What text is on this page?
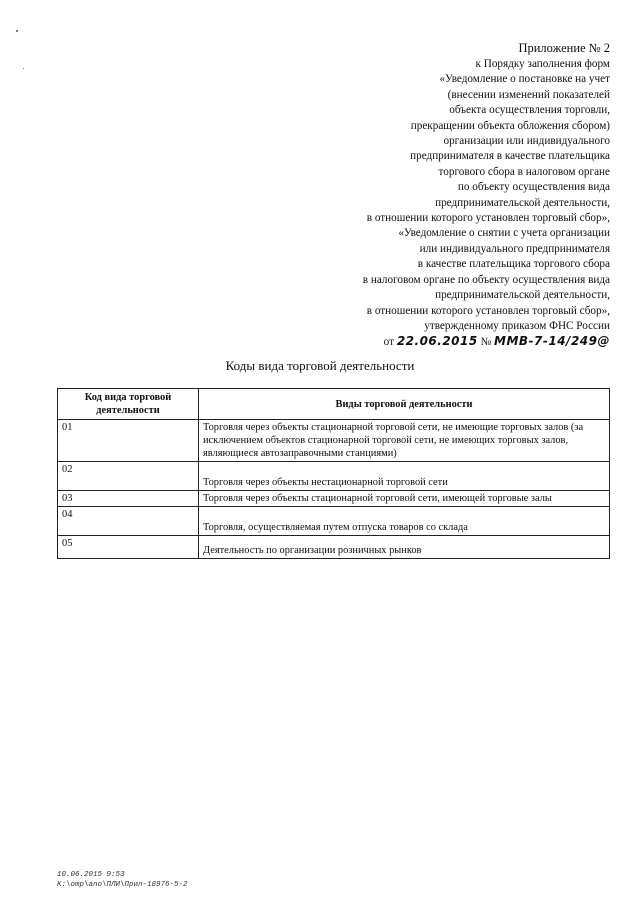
Приложение № 2
к Порядку заполнения форм
«Уведомление о постановке на учет
(внесении изменений показателей
объекта осуществления торговли,
прекращении объекта обложения сбором)
организации или индивидуального
предпринимателя в качестве плательщика
торгового сбора в налоговом органе
по объекту осуществления вида
предпринимательской деятельности,
в отношении которого установлен торговый сбор»,
«Уведомление о снятии с учета организации
или индивидуального предпринимателя
в качестве плательщика торгового сбора
в налоговом органе по объекту осуществления вида
предпринимательской деятельности,
в отношении которого установлен торговый сбор»,
утвержденному приказом ФНС России
от 22.06.2015 № ММВ-7-14/249@
Коды вида торговой деятельности
Код вида торговой деятельности	Виды торговой деятельности
01	Торговля через объекты стационарной торговой сети, не имеющие торговых залов (за исключением объектов стационарной торговой сети, не имеющих торговых залов, являющиеся автозаправочными станциями)
02	Торговля через объекты нестационарной торговой сети
03	Торговля через объекты стационарной торговой сети, имеющей торговые залы
04	Торговля, осуществляемая путем отпуска товаров со склада
05	Деятельность по организации розничных рынков
10.06.2015 9:53
K:\omp\ano\ПЛИ\Прил-18976-5-2
